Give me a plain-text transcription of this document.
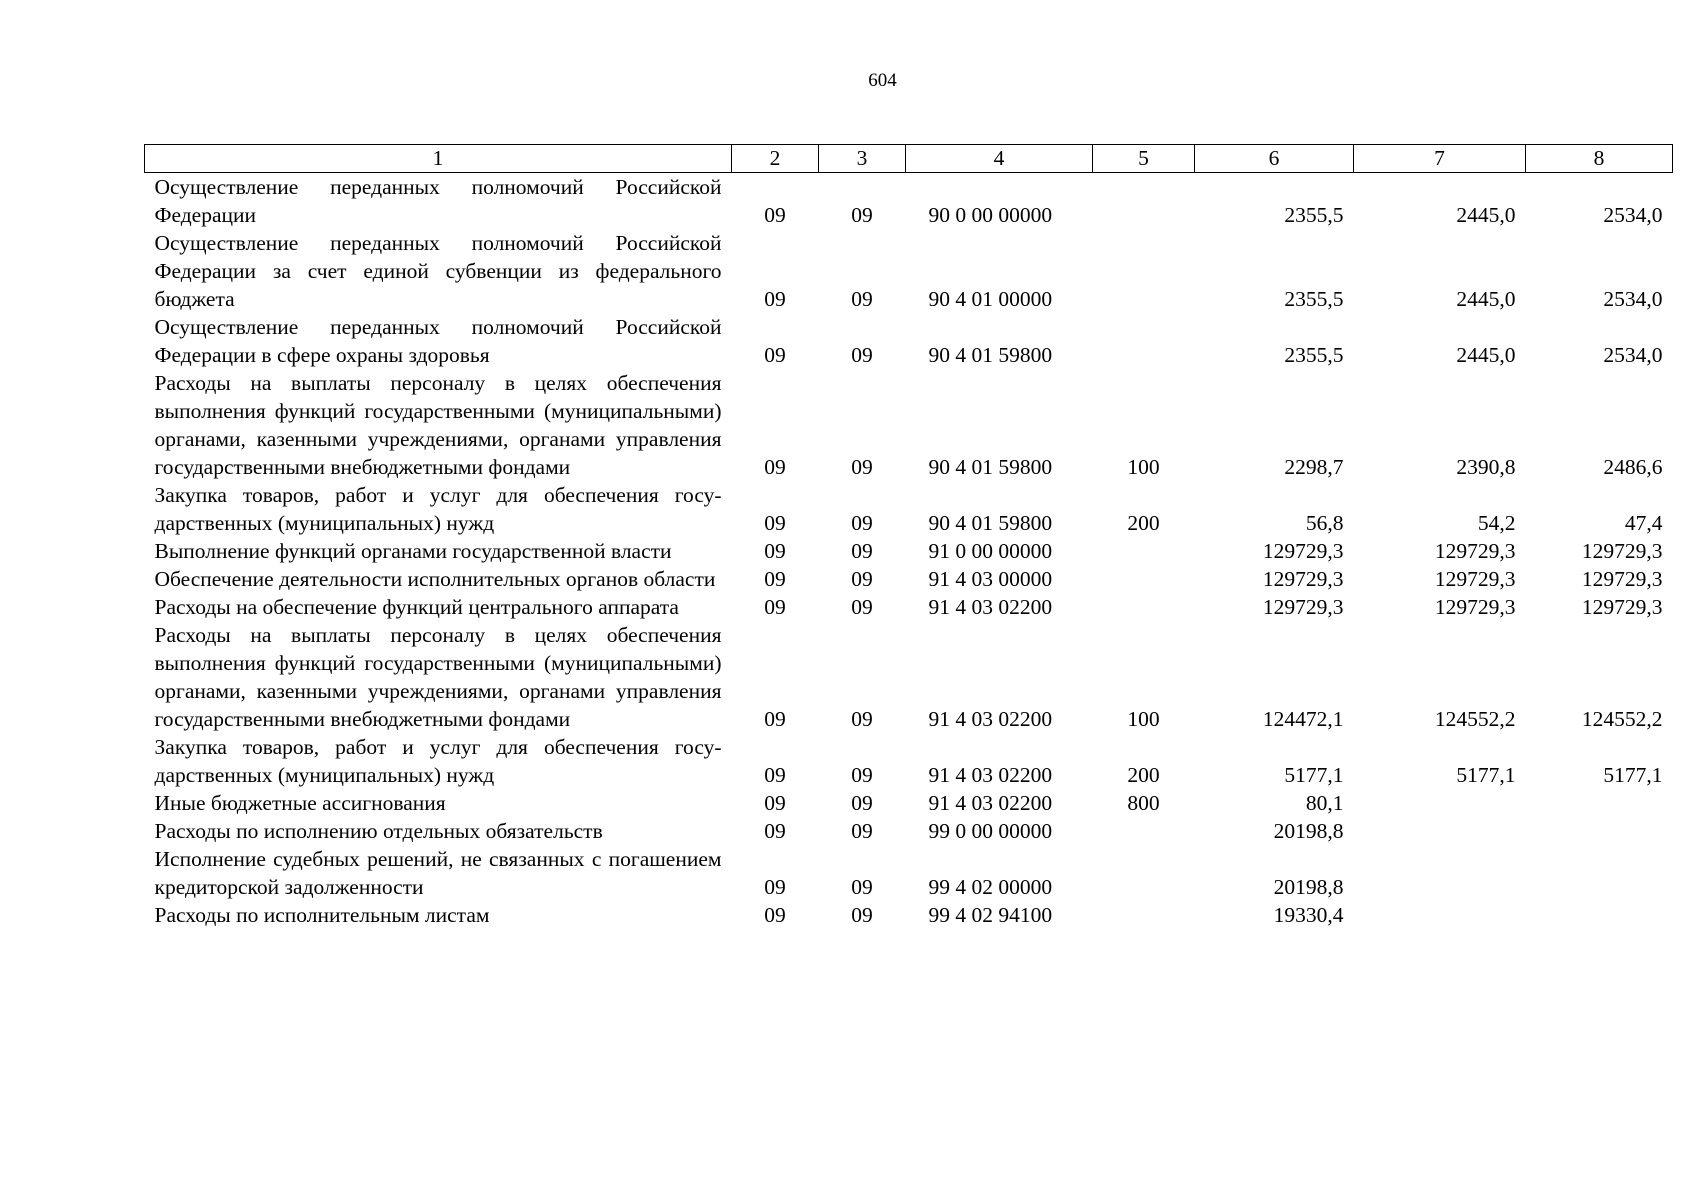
604
1	2	3	4	5	6	7	8
Осуществление переданных полномочий Российской Федерации	09	09	90 0 00 00000		2355,5	2445,0	2534,0
Осуществление переданных полномочий Российской Федерации за счет единой субвенции из федерального бюджета	09	09	90 4 01 00000		2355,5	2445,0	2534,0
Осуществление переданных полномочий Российской Федерации в сфере охраны здоровья	09	09	90 4 01 59800		2355,5	2445,0	2534,0
Расходы на выплаты персоналу в целях обеспечения выполнения функций государственными (муниципальными) органами, казенными учреждениями, органами управления государственными внебюджетными фондами	09	09	90 4 01 59800	100	2298,7	2390,8	2486,6
Закупка товаров, работ и услуг для обеспечения государственных (муниципальных) нужд	09	09	90 4 01 59800	200	56,8	54,2	47,4
Выполнение функций органами государственной власти	09	09	91 0 00 00000		129729,3	129729,3	129729,3
Обеспечение деятельности исполнительных органов области	09	09	91 4 03 00000		129729,3	129729,3	129729,3
Расходы на обеспечение функций центрального аппарата	09	09	91 4 03 02200		129729,3	129729,3	129729,3
Расходы на выплаты персоналу в целях обеспечения выполнения функций государственными (муниципальными) органами, казенными учреждениями, органами управления государственными внебюджетными фондами	09	09	91 4 03 02200	100	124472,1	124552,2	124552,2
Закупка товаров, работ и услуг для обеспечения государственных (муниципальных) нужд	09	09	91 4 03 02200	200	5177,1	5177,1	5177,1
Иные бюджетные ассигнования	09	09	91 4 03 02200	800	80,1		
Расходы по исполнению отдельных обязательств	09	09	99 0 00 00000		20198,8		
Исполнение судебных решений, не связанных с погашением кредиторской задолженности	09	09	99 4 02 00000		20198,8		
Расходы по исполнительным листам	09	09	99 4 02 94100		19330,4		
